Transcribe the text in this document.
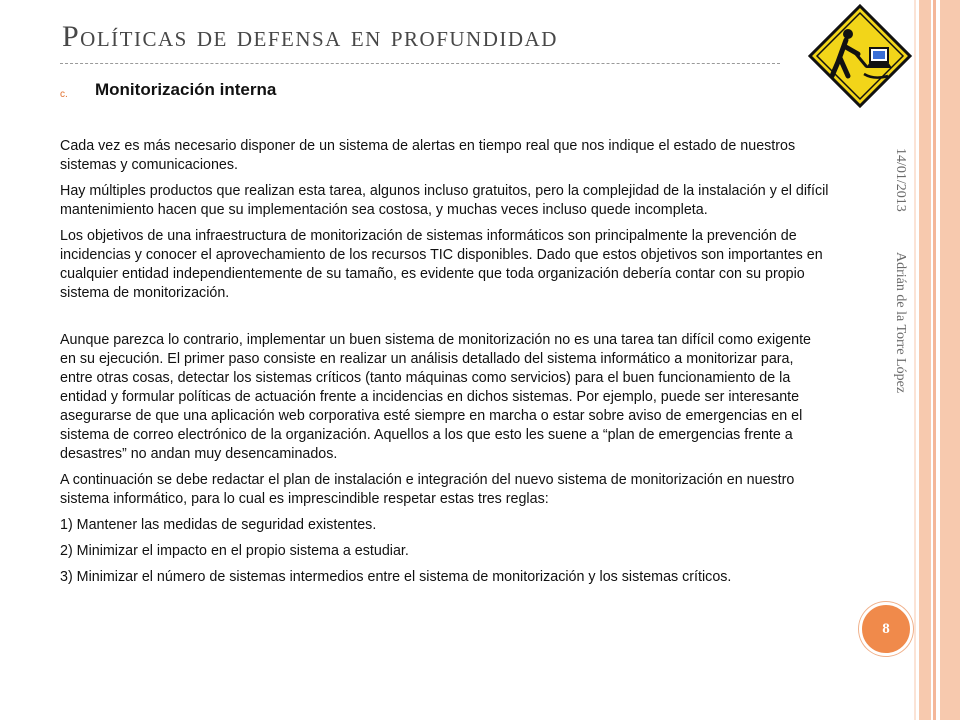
Políticas de defensa en profundidad
c. Monitorización interna

Cada vez es más necesario disponer de un sistema de alertas en tiempo real que nos indique el estado de nuestros sistemas y comunicaciones.

Hay múltiples productos que realizan esta tarea, algunos incluso gratuitos, pero la complejidad de la instalación y el difícil mantenimiento hacen que su implementación sea costosa, y muchas veces incluso quede incompleta.

Los objetivos de una infraestructura de monitorización de sistemas informáticos son principalmente la prevención de incidencias y conocer el aprovechamiento de los recursos TIC disponibles. Dado que estos objetivos son importantes en cualquier entidad independientemente de su tamaño, es evidente que toda organización debería contar con su propio sistema de monitorización.

Aunque parezca lo contrario, implementar un buen sistema de monitorización no es una tarea tan difícil como exigente en su ejecución. El primer paso consiste en realizar un análisis detallado del sistema informático a monitorizar para, entre otras cosas, detectar los sistemas críticos (tanto máquinas como servicios) para el buen funcionamiento de la entidad y formular políticas de actuación frente a incidencias en dichos sistemas. Por ejemplo, puede ser interesante asegurarse de que una aplicación web corporativa esté siempre en marcha o estar sobre aviso de emergencias en el sistema de correo electrónico de la organización. Aquellos a los que esto les suene a “plan de emergencias frente a desastres” no andan muy desencaminados.

A continuación se debe redactar el plan de instalación e integración del nuevo sistema de monitorización en nuestro sistema informático, para lo cual es imprescindible respetar estas tres reglas:

1) Mantener las medidas de seguridad existentes.

2) Minimizar el impacto en el propio sistema a estudiar.

3) Minimizar el número de sistemas intermedios entre el sistema de monitorización y los sistemas críticos.

14/01/2013
Adrián de la Torre López
8
